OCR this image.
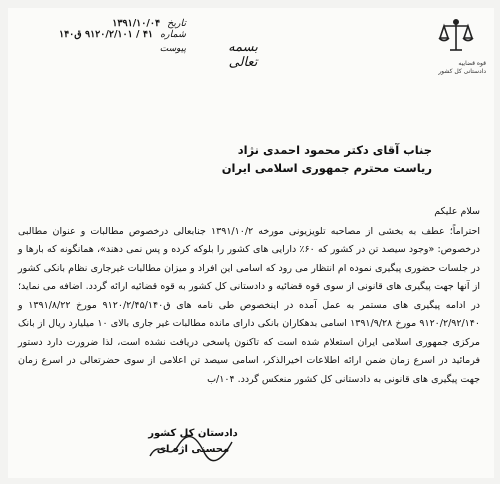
قوه قضاییه
دادستانی کل کشور
بسمه تعالی
تاریخ ۱۳۹۱/۱۰/۰۴
شماره ۴۱ / ۹۱۲۰/۲/۱۰۱ ق۱۴۰
پیوست
جناب آقای دکتر محمود احمدی نژاد
ریاست محترم جمهوری اسلامی ایران
سلام علیکم

احتراماً؛ عطف به بخشی از مصاحبه تلویزیونی مورخه ۱۳۹۱/۱۰/۲ جنابعالی درخصوص مطالبات و عنوان مطالبی درخصوص: «وجود سیصد تن در کشور که ۶۰٪ دارایی های کشور را بلوکه کرده و پس نمی دهند»، همانگونه که بارها و در جلسات حضوری پیگیری نموده ام انتظار می رود که اسامی این افراد و میزان مطالبات غیرجاری نظام بانکی کشور از آنها جهت پیگیری های قانونی از سوی قوه قضائیه و دادستانی کل کشور به قوه قضائیه ارائه گردد. اضافه می نماید؛ در ادامه پیگیری های مستمر به عمل آمده در اینخصوص طی نامه های ق۹۱۲۰/۲/۴۵/۱۴۰ مورخ ۱۳۹۱/۸/۲۲ و ۹۱۲۰/۲/۹۲/۱۴۰ مورخ ۱۳۹۱/۹/۲۸ اسامی بدهکاران بانکی دارای مانده مطالبات غیر جاری بالای ۱۰ میلیارد ریال از بانک مرکزی جمهوری اسلامی ایران استعلام شده است که تاکنون پاسخی دریافت نشده است، لذا ضرورت دارد دستور فرمائید در اسرع زمان ضمن ارائه اطلاعات اخیرالذکر، اسامی سیصد تن اعلامی از سوی حضرتعالی در اسرع زمان جهت پیگیری های قانونی به دادستانی کل کشور منعکس گردد. ۱۰۴/ب

دادستان کل کشور
محسنی اژه ای
